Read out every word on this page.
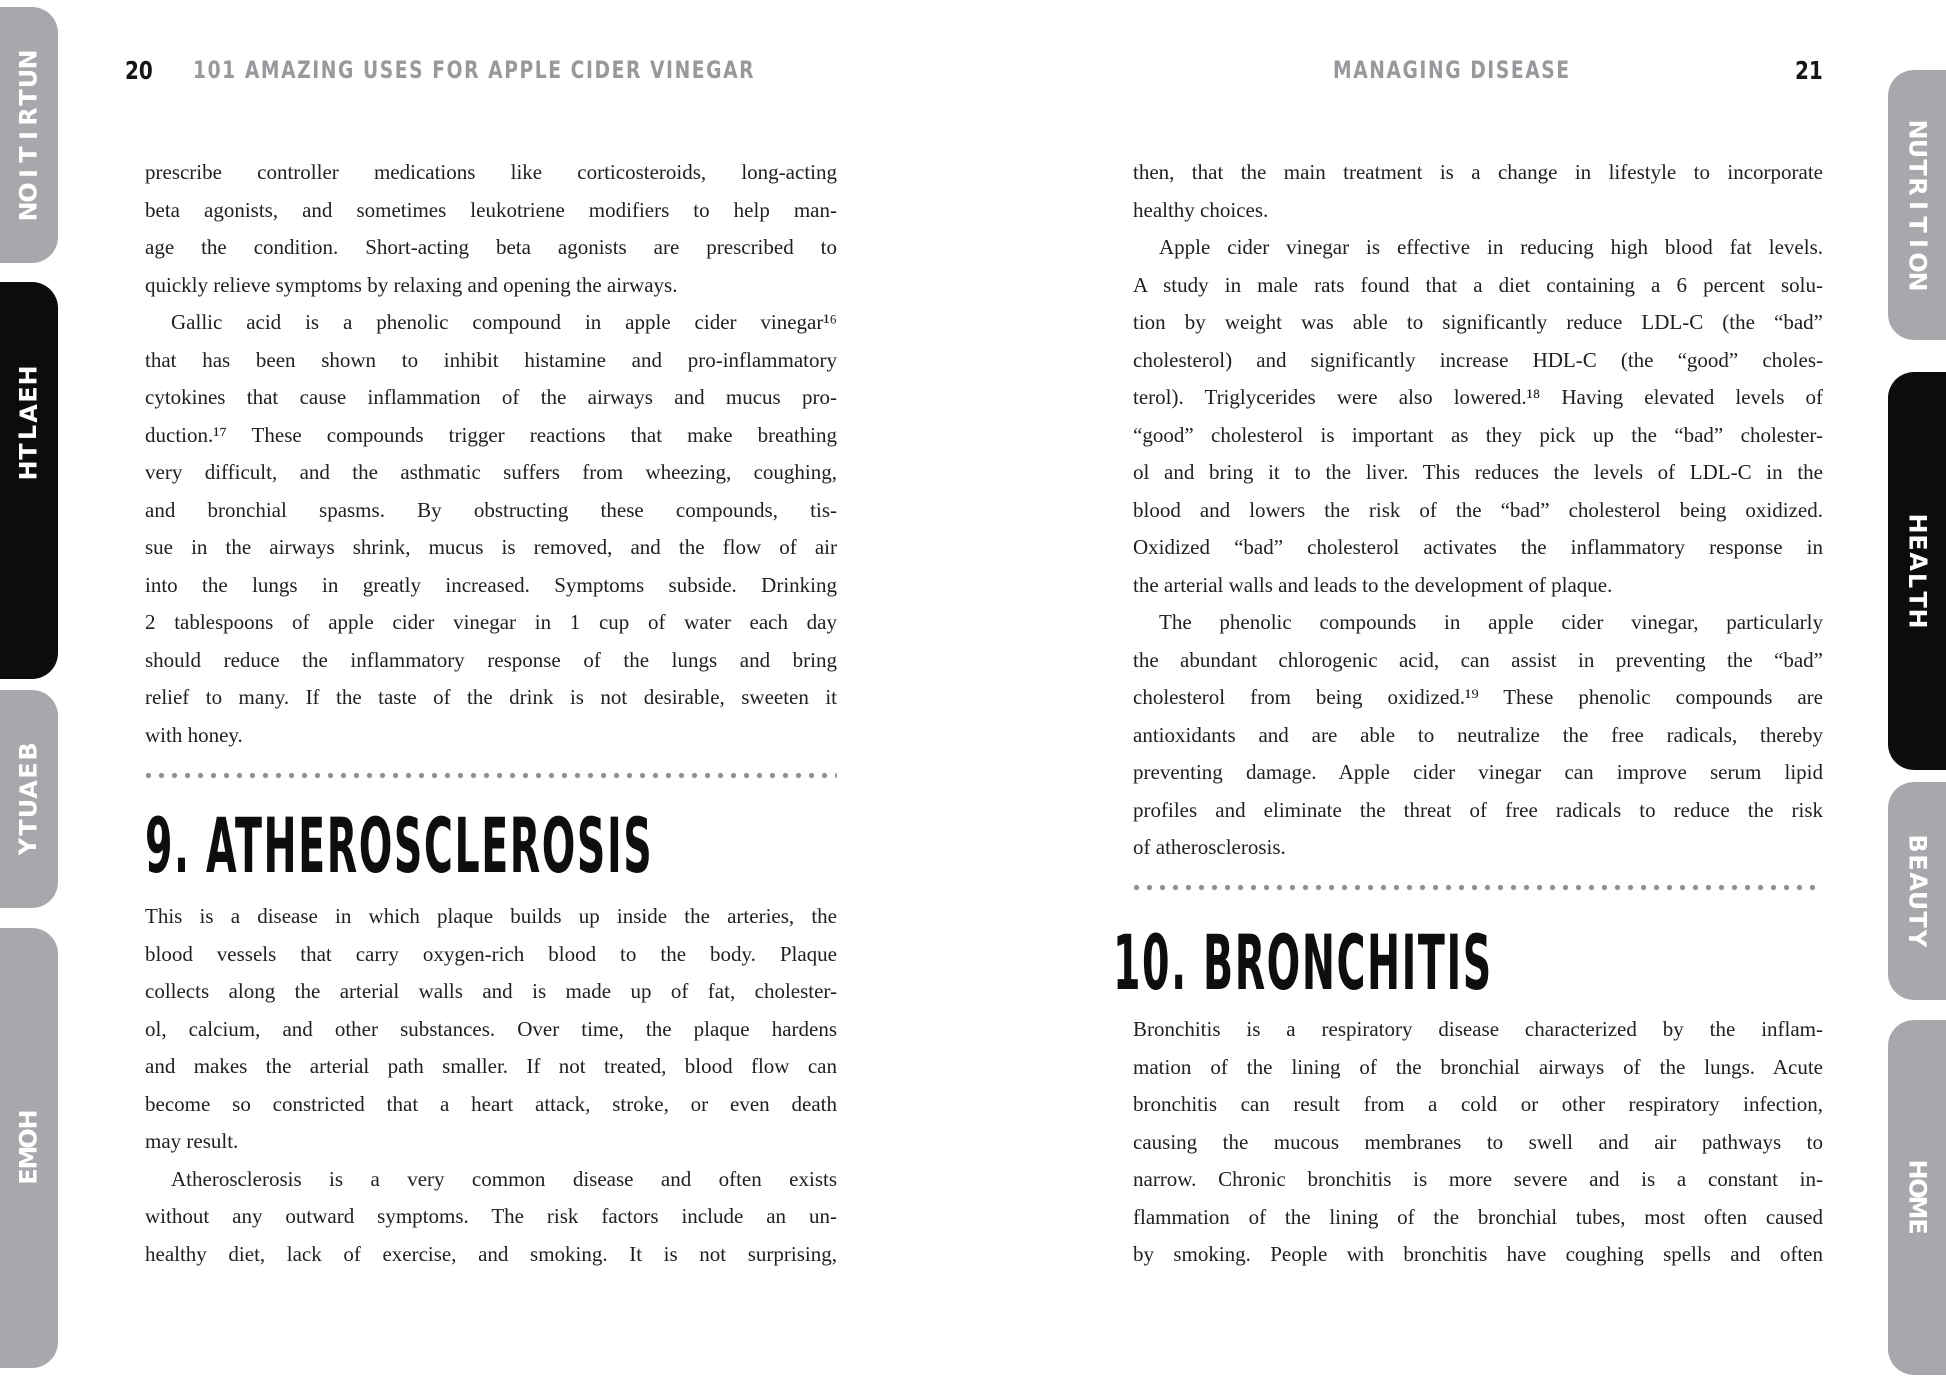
N
U
T
R
I
T
I
O
N
H
E
A
L
T
H
B
E
A
U
T
Y
H
O
M
E
N
U
T
R
I
T
I
O
N
H
E
A
L
T
H
B
E
A
U
T
Y
H
O
M
E
20 101 AMAZING USES FOR APPLE CIDER VINEGAR	MANAGING DISEASE	21
prescribe controller medications like corticosteroids, long-acting
beta agonists, and sometimes leukotriene modifiers to help man-
age the condition. Short-acting beta agonists are prescribed to
quickly relieve symptoms by relaxing and opening the airways.
Gallic acid is a phenolic compound in apple cider vinegar¹⁶
that has been shown to inhibit histamine and pro-inflammatory
cytokines that cause inflammation of the airways and mucus pro-
duction.¹⁷ These compounds trigger reactions that make breathing
very difficult, and the asthmatic suffers from wheezing, coughing,
and bronchial spasms. By obstructing these compounds, tis-
sue in the airways shrink, mucus is removed, and the flow of air
into the lungs in greatly increased. Symptoms subside. Drinking
2 tablespoons of apple cider vinegar in 1 cup of water each day
should reduce the inflammatory response of the lungs and bring
relief to many. If the taste of the drink is not desirable, sweeten it
with honey.
This is a disease in which plaque builds up inside the arteries, the
blood vessels that carry oxygen-rich blood to the body. Plaque
collects along the arterial walls and is made up of fat, cholester-
ol, calcium, and other substances. Over time, the plaque hardens
and makes the arterial path smaller. If not treated, blood flow can
become so constricted that a heart attack, stroke, or even death
may result.
Atherosclerosis is a very common disease and often exists
without any outward symptoms. The risk factors include an un-
healthy diet, lack of exercise, and smoking. It is not surprising,
9. ATHEROSCLEROSIS
then, that the main treatment is a change in lifestyle to incorporate
healthy choices.
Apple cider vinegar is effective in reducing high blood fat levels.
A study in male rats found that a diet containing a 6 percent solu-
tion by weight was able to significantly reduce LDL-C (the “bad”
cholesterol) and significantly increase HDL-C (the “good” choles-
terol). Triglycerides were also lowered.¹⁸ Having elevated levels of
“good” cholesterol is important as they pick up the “bad” cholester-
ol and bring it to the liver. This reduces the levels of LDL-C in the
blood and lowers the risk of the “bad” cholesterol being oxidized.
Oxidized “bad” cholesterol activates the inflammatory response in
the arterial walls and leads to the development of plaque.
The phenolic compounds in apple cider vinegar, particularly
the abundant chlorogenic acid, can assist in preventing the “bad”
cholesterol from being oxidized.¹⁹ These phenolic compounds are
antioxidants and are able to neutralize the free radicals, thereby
preventing damage. Apple cider vinegar can improve serum lipid
profiles and eliminate the threat of free radicals to reduce the risk
of atherosclerosis.
Bronchitis is a respiratory disease characterized by the inflam-
mation of the lining of the bronchial airways of the lungs. Acute
bronchitis can result from a cold or other respiratory infection,
causing the mucous membranes to swell and air pathways to
narrow. Chronic bronchitis is more severe and is a constant in-
flammation of the lining of the bronchial tubes, most often caused
by smoking. People with bronchitis have coughing spells and often
10. BRONCHITIS
